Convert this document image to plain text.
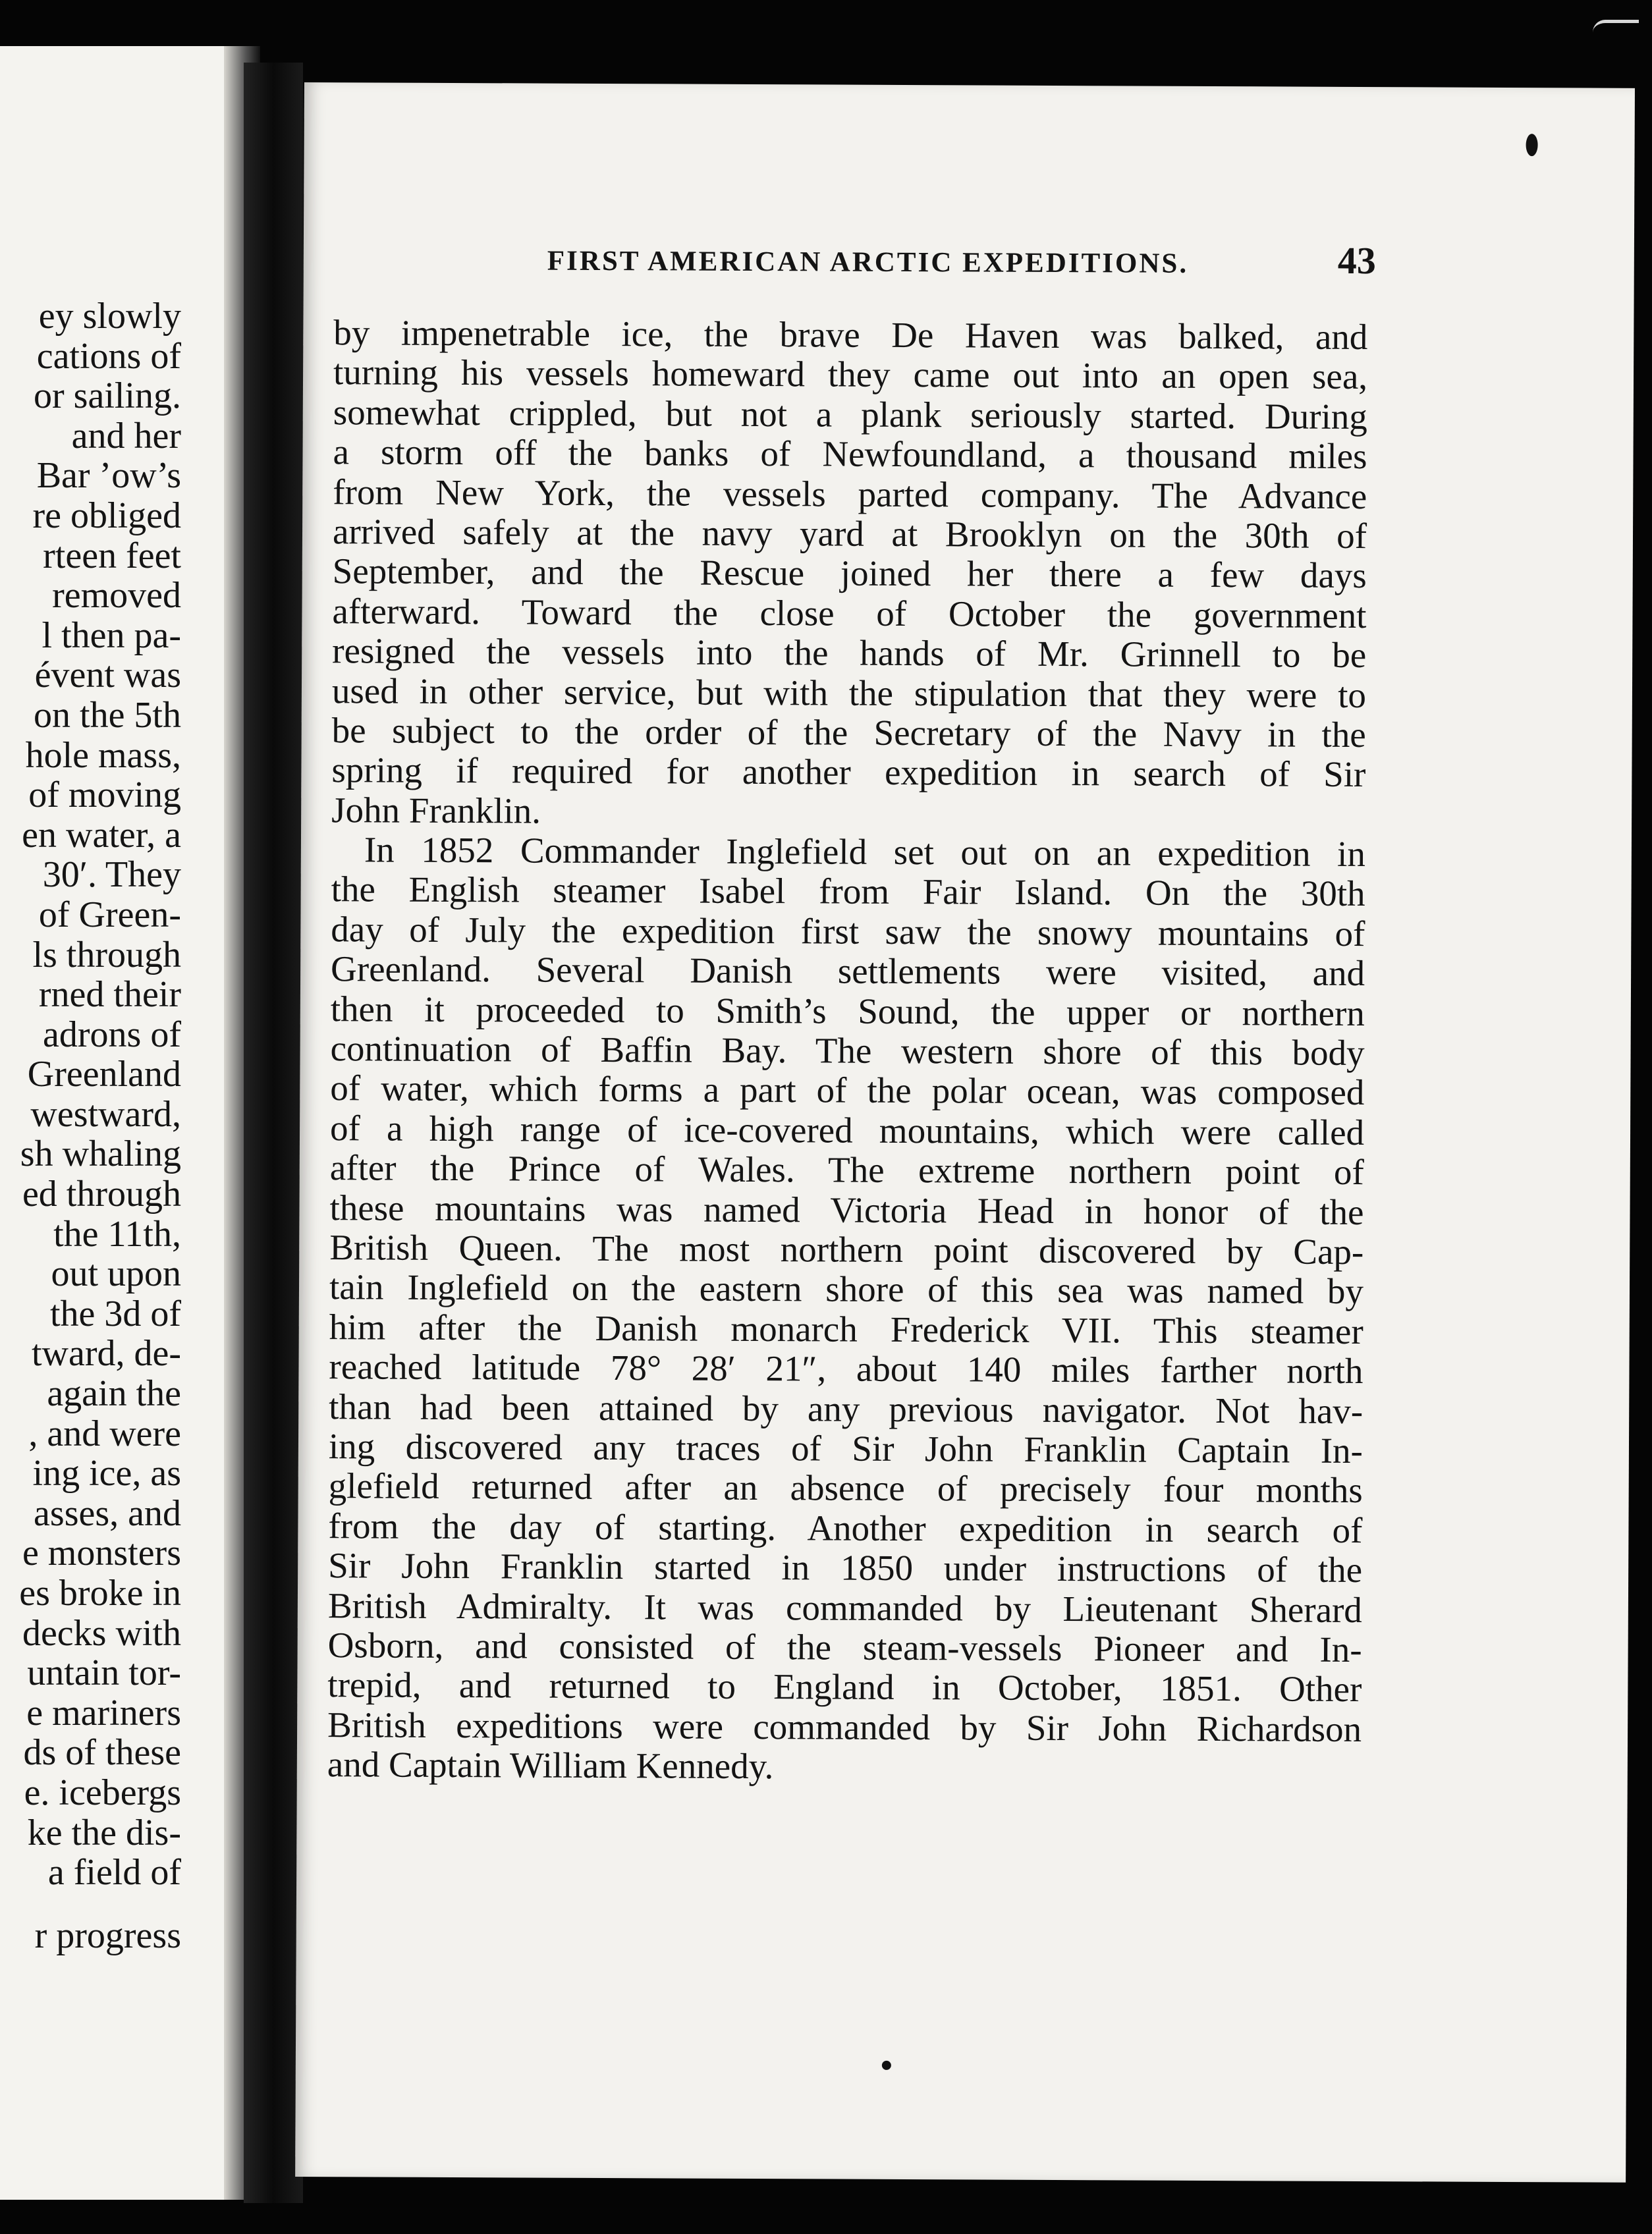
ey slowly
cations of
or sailing.
and her
Bar ’ow’s
re obliged
rteen feet
removed
l then pa-
évent was
on the 5th
hole mass,
of moving
en water, a
30′. They
of Green-
ls through
rned their
adrons of
Greenland
westward,
sh whaling
ed through
the 11th,
out upon
the 3d of
tward, de-
again the
, and were
ing ice, as
asses, and
e monsters
es broke in
decks with
untain tor-
e mariners
ds of these
e. icebergs
ke the dis-
a field of
r progress
FIRST AMERICAN ARCTIC EXPEDITIONS.	43
by impenetrable ice, the brave De Haven was balked, and
turning his vessels homeward they came out into an open sea,
somewhat crippled, but not a plank seriously started. During
a storm off the banks of Newfoundland, a thousand miles
from New York, the vessels parted company. The Advance
arrived safely at the navy yard at Brooklyn on the 30th of
September, and the Rescue joined her there a few days
afterward. Toward the close of October the government
resigned the vessels into the hands of Mr. Grinnell to be
used in other service, but with the stipulation that they were to
be subject to the order of the Secretary of the Navy in the
spring if required for another expedition in search of Sir
John Franklin.
In 1852 Commander Inglefield set out on an expedition in
the English steamer Isabel from Fair Island. On the 30th
day of July the expedition first saw the snowy mountains of
Greenland. Several Danish settlements were visited, and
then it proceeded to Smith’s Sound, the upper or northern
continuation of Baffin Bay. The western shore of this body
of water, which forms a part of the polar ocean, was composed
of a high range of ice-covered mountains, which were called
after the Prince of Wales. The extreme northern point of
these mountains was named Victoria Head in honor of the
British Queen. The most northern point discovered by Cap-
tain Inglefield on the eastern shore of this sea was named by
him after the Danish monarch Frederick VII. This steamer
reached latitude 78° 28′ 21″, about 140 miles farther north
than had been attained by any previous navigator. Not hav-
ing discovered any traces of Sir John Franklin Captain In-
glefield returned after an absence of precisely four months
from the day of starting. Another expedition in search of
Sir John Franklin started in 1850 under instructions of the
British Admiralty. It was commanded by Lieutenant Sherard
Osborn, and consisted of the steam-vessels Pioneer and In-
trepid, and returned to England in October, 1851. Other
British expeditions were commanded by Sir John Richardson
and Captain William Kennedy.
